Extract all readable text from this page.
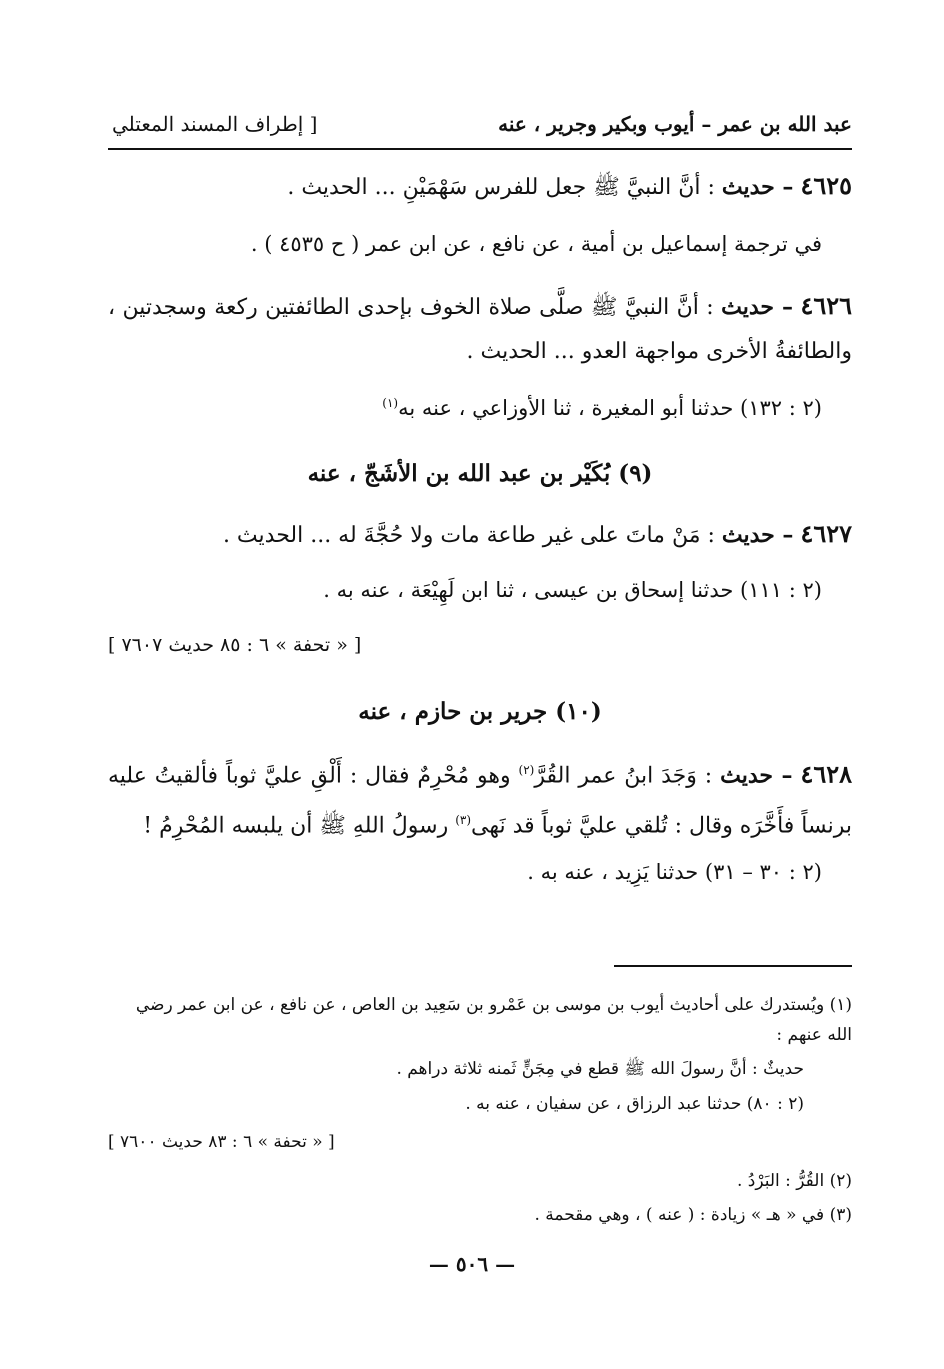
عبد الله بن عمر – أيوب وبكير وجرير ، عنه
[ إطراف المسند المعتلي
٤٦٢٥ – حديث : أنَّ النبيَّ ﷺ جعل للفرس سَهْمَيْنِ ... الحديث .
في ترجمة إسماعيل بن أمية ، عن نافع ، عن ابن عمر ( ح ٤٥٣٥ ) .
٤٦٢٦ – حديث : أنَّ النبيَّ ﷺ صلَّى صلاة الخوف بإحدى الطائفتين ركعة وسجدتين ، والطائفةُ الأخرى مواجهة العدو ... الحديث .
(٢ : ١٣٢) حدثنا أبو المغيرة ، ثنا الأوزاعي ، عنه به$^{(١)}$
(٩) بُكَيْر بن عبد الله بن الأشَجّ ، عنه
٤٦٢٧ – حديث : مَنْ ماتَ على غير طاعة مات ولا حُجَّةَ له ... الحديث .
(٢ : ١١١) حدثنا إسحاق بن عيسى ، ثنا ابن لَهِيْعَة ، عنه به .
[ « تحفة » ٦ : ٨٥ حديث ٧٦٠٧ ]
(١٠) جرير بن حازم ، عنه
٤٦٢٨ – حديث : وَجَدَ ابنُ عمر القُرَّ$^{(٢)}$ وهو مُحْرِمٌ فقال : أَلْقِ عليَّ ثوباً فألقيتُ عليه برنساً فأَخَّرَه وقال : تُلقي عليَّ ثوباً قد نَهى$^{(٣)}$ رسولُ اللهِ ﷺ أن يلبسه المُحْرِمُ !
(٢ : ٣٠ – ٣١) حدثنا يَزِيد ، عنه به .
(١) ويُستدرك على أحاديث أيوب بن موسى بن عَمْرو بن سَعِيد بن العاص ، عن نافع ، عن ابن عمر رضي الله عنهم :
حديثٌ : أنَّ رسولَ الله ﷺ قطع في مِجَنٍّ ثَمنه ثلاثة دراهم .
(٢ : ٨٠) حدثنا عبد الرزاق ، عن سفيان ، عنه به .
[ « تحفة » ٦ : ٨٣ حديث ٧٦٠٠ ]
(٢) القُرُّ : البَرْدُ .
(٣) في « هـ » زيادة : ( عنه ) ، وهي مقحمة .
— ٥٠٦ —
